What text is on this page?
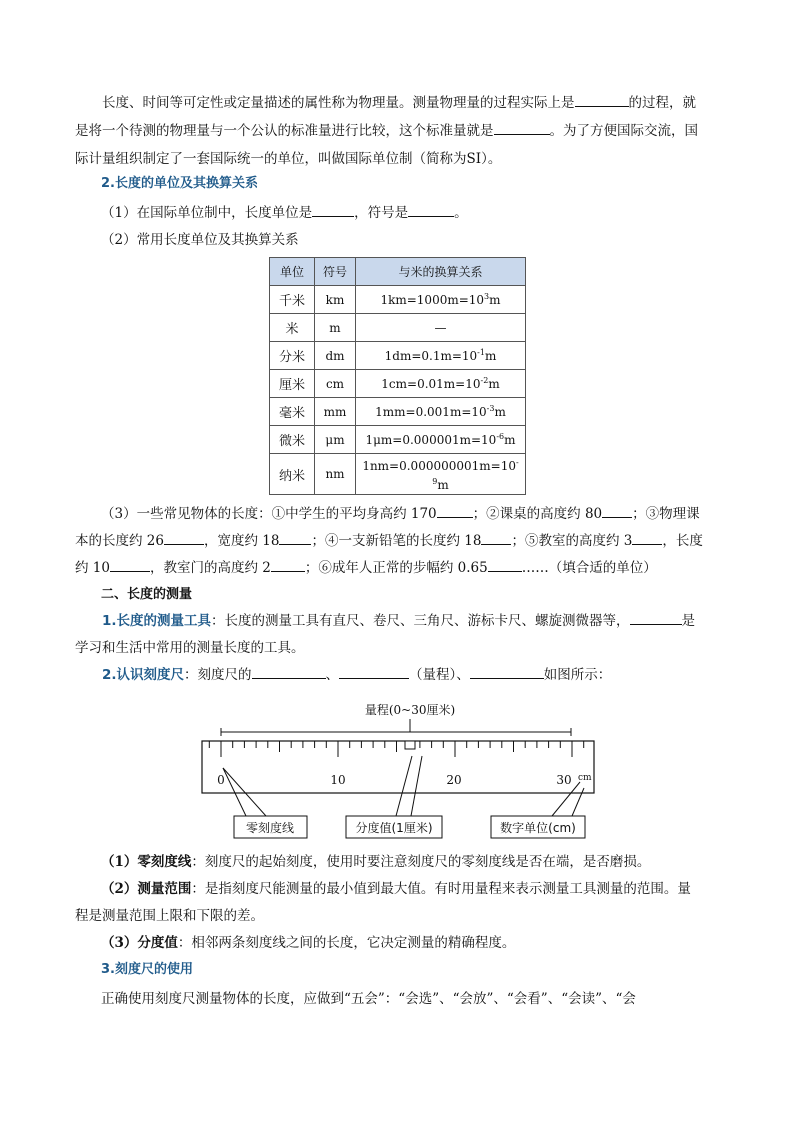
长度、时间等可定性或定量描述的属性称为物理量。测量物理量的过程实际上是	的过程，就
是将一个待测的物理量与一个公认的标准量进行比较，这个标准量就是	。为了方便国际交流，国
际计量组织制定了一套国际统一的单位，叫做国际单位制（简称为SI）。
2.长度的单位及其换算关系
（1）在国际单位制中，长度单位是	，符号是	。
（2）常用长度单位及其换算关系
单位	符号	与米的换算关系
千米	km	$1km=1000m=10^3m$
米	m	—
分米	dm	$1dm=0.1m=10^{-1}m$
厘米	cm	$1cm=0.01m=10^{-2}m$
毫米	mm	$1mm=0.001m=10^{-3}m$
微米	μm	$1\mu m=0.000001m=10^{-6}m$
纳米	nm	1nm=0.000000001m=10-
$^9$m
（3）一些常见物体的长度：①中学生的平均身高约 170	；②课桌的高度约 80 ；③物理课
本的长度约 26	，宽度约 18 ；④一支新铅笔的长度约 18 ；⑤教室的高度约 3 ，长度
约 10	，教室门的高度约 2	；⑥成年人正常的步幅约 0.65	……（填合适的单位）
二、长度的测量
1.长度的测量工具：长度的测量工具有直尺、卷尺、三角尺、游标卡尺、螺旋测微器等，	是
学习和生活中常用的测量长度的工具。
2.认识刻度尺：刻度尺的	、	（量程）、	如图所示：
量程(0~30厘米)
0	10	20	30 cm
零刻度线	分度值(1厘米)	数字单位(cm)
（1）零刻度线：刻度尺的起始刻度，使用时要注意刻度尺的零刻度线是否在端，是否磨损。
（2）测量范围：是指刻度尺能测量的最小值到最大值。有时用量程来表示测量工具测量的范围。量
程是测量范围上限和下限的差。
（3）分度值：相邻两条刻度线之间的长度，它决定测量的精确程度。
3.刻度尺的使用
正确使用刻度尺测量物体的长度，应做到“五会”：“会选”、“会放”、“会看”、“会读”、“会
